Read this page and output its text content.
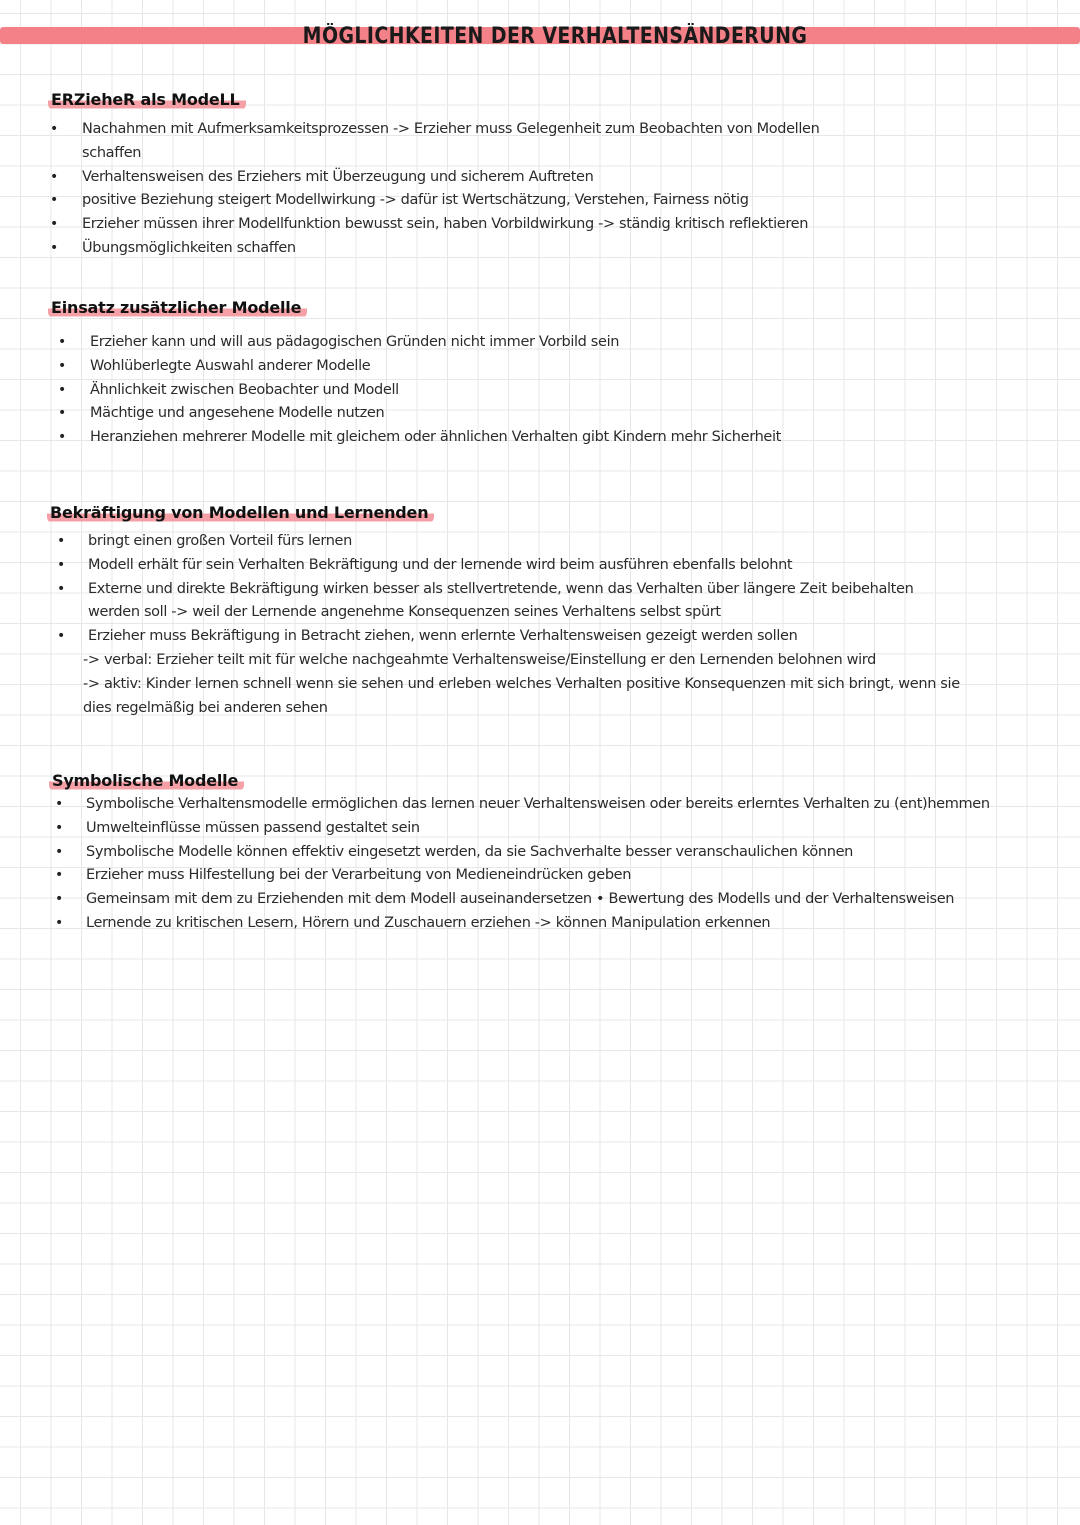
MÖGLICHKEITEN DER VERHALTENSÄNDERUNG
ERZieheR als ModeLL
• Nachahmen mit Aufmerksamkeitsprozessen -> Erzieher muss Gelegenheit zum Beobachten von Modellen
schaffen
• Verhaltensweisen des Erziehers mit Überzeugung und sicherem Auftreten
• positive Beziehung steigert Modellwirkung -> dafür ist Wertschätzung, Verstehen, Fairness nötig
• Erzieher müssen ihrer Modellfunktion bewusst sein, haben Vorbildwirkung -> ständig kritisch reflektieren
• Übungsmöglichkeiten schaffen
Einsatz zusätzlicher Modelle
• Erzieher kann und will aus pädagogischen Gründen nicht immer Vorbild sein
• Wohlüberlegte Auswahl anderer Modelle
• Ähnlichkeit zwischen Beobachter und Modell
• Mächtige und angesehene Modelle nutzen
• Heranziehen mehrerer Modelle mit gleichem oder ähnlichen Verhalten gibt Kindern mehr Sicherheit
Bekräftigung von Modellen und Lernenden
• bringt einen großen Vorteil fürs lernen
• Modell erhält für sein Verhalten Bekräftigung und der lernende wird beim ausführen ebenfalls belohnt
• Externe und direkte Bekräftigung wirken besser als stellvertretende, wenn das Verhalten über längere Zeit beibehalten
werden soll -> weil der Lernende angenehme Konsequenzen seines Verhaltens selbst spürt
• Erzieher muss Bekräftigung in Betracht ziehen, wenn erlernte Verhaltensweisen gezeigt werden sollen
-> verbal: Erzieher teilt mit für welche nachgeahmte Verhaltensweise/Einstellung er den Lernenden belohnen wird
-> aktiv: Kinder lernen schnell wenn sie sehen und erleben welches Verhalten positive Konsequenzen mit sich bringt, wenn sie
dies regelmäßig bei anderen sehen
Symbolische Modelle
• Symbolische Verhaltensmodelle ermöglichen das lernen neuer Verhaltensweisen oder bereits erlerntes Verhalten zu (ent)hemmen
• Umwelteinflüsse müssen passend gestaltet sein
• Symbolische Modelle können effektiv eingesetzt werden, da sie Sachverhalte besser veranschaulichen können
• Erzieher muss Hilfestellung bei der Verarbeitung von Medieneindrücken geben
• Gemeinsam mit dem zu Erziehenden mit dem Modell auseinandersetzen • Bewertung des Modells und der Verhaltensweisen
• Lernende zu kritischen Lesern, Hörern und Zuschauern erziehen -> können Manipulation erkennen
